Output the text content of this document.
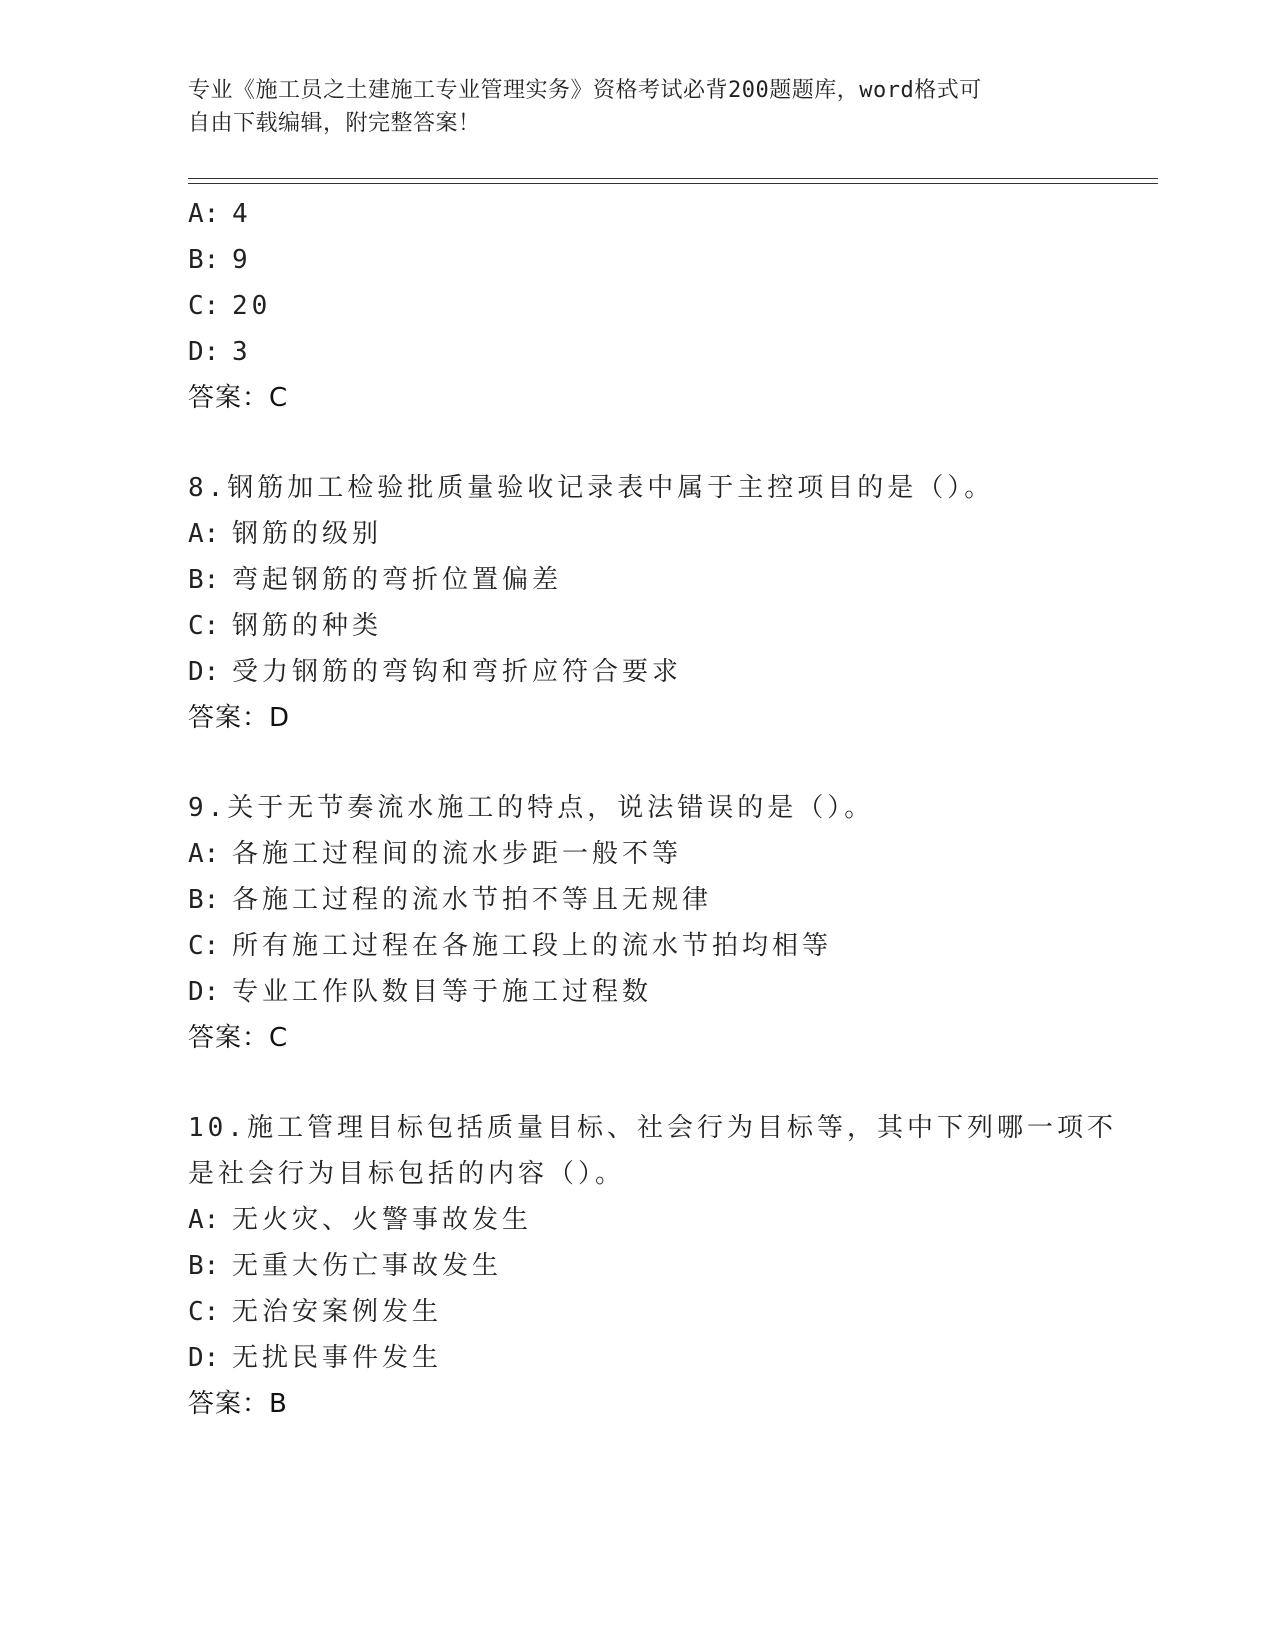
专业《施工员之土建施工专业管理实务》资格考试必背200题题库，word格式可
自由下载编辑，附完整答案！
A: 4
B: 9
C: 20
D: 3
答案：C
8.钢筋加工检验批质量验收记录表中属于主控项目的是（）。
A: 钢筋的级别
B: 弯起钢筋的弯折位置偏差
C: 钢筋的种类
D: 受力钢筋的弯钩和弯折应符合要求
答案：D
9.关于无节奏流水施工的特点，说法错误的是（）。
A: 各施工过程间的流水步距一般不等
B: 各施工过程的流水节拍不等且无规律
C: 所有施工过程在各施工段上的流水节拍均相等
D: 专业工作队数目等于施工过程数
答案：C
10.施工管理目标包括质量目标、社会行为目标等，其中下列哪一项不
是社会行为目标包括的内容（）。
A: 无火灾、火警事故发生
B: 无重大伤亡事故发生
C: 无治安案例发生
D: 无扰民事件发生
答案：B
